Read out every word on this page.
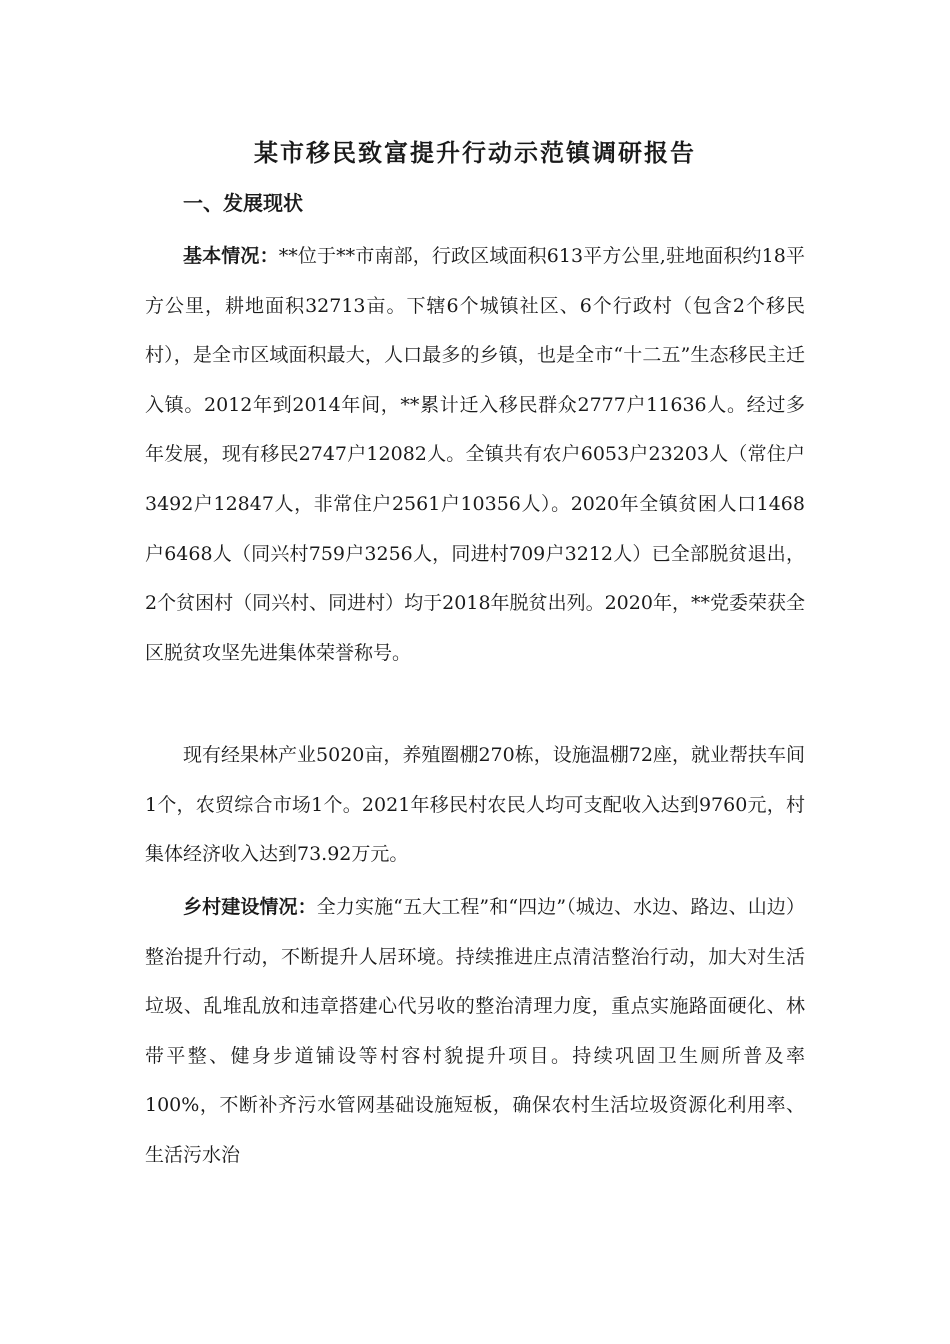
某市移民致富提升行动示范镇调研报告
一、发展现状

基本情况：**位于**市南部，行政区域面积613平方公里,驻地面积约18平方公里，耕地面积32713亩。下辖6个城镇社区、6个行政村（包含2个移民村），是全市区域面积最大，人口最多的乡镇，也是全市“十二五”生态移民主迁入镇。2012年到2014年间，**累计迁入移民群众2777户11636人。经过多年发展，现有移民2747户12082人。全镇共有农户6053户23203人（常住户3492户12847人，非常住户2561户10356人）。2020年全镇贫困人口1468户6468人（同兴村759户3256人，同进村709户3212人）已全部脱贫退出，2个贫困村（同兴村、同进村）均于2018年脱贫出列。2020年，**党委荣获全区脱贫攻坚先进集体荣誉称号。

现有经果林产业5020亩，养殖圈棚270栋，设施温棚72座，就业帮扶车间1个，农贸综合市场1个。2021年移民村农民人均可支配收入达到9760元，村集体经济收入达到73.92万元。

乡村建设情况：全力实施“五大工程”和“四边”（城边、水边、路边、山边）整治提升行动，不断提升人居环境。持续推进庄点清洁整治行动，加大对生活垃圾、乱堆乱放和违章搭建心代另收的整治清理力度，重点实施路面硬化、林带平整、健身步道铺设等村容村貌提升项目。持续巩固卫生厕所普及率100%，不断补齐污水管网基础设施短板，确保农村生活垃圾资源化利用率、生活污水治
